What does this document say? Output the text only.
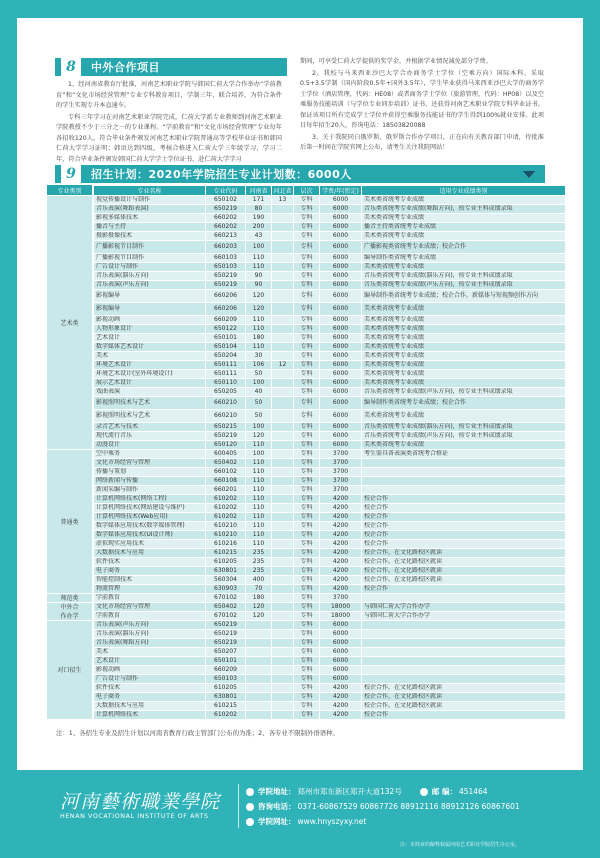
8	中外合作项目

1、经河南省教育厅批准，河南艺术职业学院与韩国仁荷大学合作举办“学前教育”和“文化市场经营管理”专业专科教育项目，学制三年，联合培养，为符合条件的学生实现专升本直通车。

专科三年学习在河南艺术职业学院完成，仁荷大学派专业教师到河南艺术职业学院教授不少于三分之一的专业课程。“学前教育”和“文化市场经营管理”专业每年各招收120人，符合毕业条件颁发河南艺术职业学院普通高等学校毕业证书和韩国仁荷大学学习证明；韩语达到四级，考核合格进入仁荷大学三年级学习，学习二年，符合毕业条件颁发韩国仁荷大学学士学位证书，赴仁荷大学学习

期间，可享受仁荷大学提供的奖学金，并根据学业情况减免部分学费。

2、我校与马来西亚沙巴大学合办商务学士学位（空乘方向）国际本科，采取0.5+3.5学制（国内阶段0.5年+国外3.5年），学生毕业获得马来西亚沙巴大学的商务学士学位（酒店管理，代码：HE08）或者商务学士学位（旅游管理，代码：HP08）以及空乘服务技能培训（与学位专业同步培训）证书，还获得河南艺术职业学院专科毕业证书。保证该项目所有完成学士学位并获得空乘服务技能证书的学生得到100%就业安排。此项目每年招生20人，咨询电话：18503820088

3、关于我院同白俄罗斯、俄罗斯合作办学项目，正在向有关教育部门申请，待批准后第一时间在学院官网上公布，请考生关注我院网站！

9	招生计划：2020年学院招生专业计划数：6000人
专业类别
艺术类
普通类
师范类
中外合
作办学
对口招生
专业名称	专业代码	河南省	河北省	层次	学费/年(暂定)	适用专业成绩类别
视觉传播设计与制作	650102	171	13	专科	6000	美术类省统考专业成绩
音乐表演(舞蹈表演)	650219	80		专科	6000	音乐类省统考专业成绩(舞蹈方向)，按专业主科成绩录取
影视多媒体技术	660202	190		专科	6000	美术类省统考专业成绩
播音与主持	660202	200		专科	6000	播音主持类省统考专业成绩
摄影摄像技术	660213	43		专科	6000	美术类省统考专业成绩
广播影视节目制作	660203	100		专科	6000	广播影视类省统考专业成绩；校企合作
广播影视节目制作	660103	110		专科	6000	编导制作类省统考专业成绩
广告设计与制作	650103	110		专科	6000	美术类省统考专业成绩
音乐表演(器乐方向)	650219	90		专科	6000	音乐类省统考专业成绩(器乐方向)，按专业主科成绩录取
音乐表演(声乐方向)	650219	90		专科	6000	音乐类省统考专业成绩(声乐方向)，按专业主科成绩录取
影视编导	660206	120		专科	6000	编导制作类省统考专业成绩；校企合作，新媒体与短视频创作方向
影视编导	660206	120		专科	6000	美术类省统考专业成绩
影视动画	660209	110		专科	6000	美术类省统考专业成绩
人物形象设计	650122	110		专科	6000	美术类省统考专业成绩
艺术设计	650101	180		专科	6000	美术类省统考专业成绩
数字媒体艺术设计	650104	110		专科	6000	美术类省统考专业成绩
美术	650204	30		专科	6000	美术类省统考专业成绩
环境艺术设计	650111	106	12	专科	6000	美术类省统考专业成绩
环境艺术设计(室外环境设计)	650111	50		专科	6000	美术类省统考专业成绩
展示艺术设计	650110	100		专科	6000	美术类省统考专业成绩
戏曲表演	650205	40		专科	6000	音乐类省统考专业成绩(声乐方向)，按专业主科成绩录取
影视照明技术与艺术	660210	50		专科	6000	编导制作类省统考专业成绩；校企合作
影视照明技术与艺术	660210	50		专科	6000	美术类省统考专业成绩
录音艺术与技术	650215	100		专科	6000	音乐类省统考专业成绩(器乐方向)，按专业主科成绩录取
现代流行音乐	650219	120		专科	6000	音乐类省统考专业成绩(声乐方向)，按专业主科成绩录取
动漫设计	650120	110		专科	6000	美术类省统考专业成绩
空中乘务	600405	100		专科	3700	考生需具备表演类省统考合格证
文化市场经营与管理	650402	110		专科	3700	
传播与策划	660102	110		专科	3700	
网络新闻与传播	660108	110		专科	3700	
新闻采编与制作	660201	110		专科	3700	
计算机网络技术(网络工程)	610202	110		专科	4200	校企合作
计算机网络技术(网站建设与维护)	610202	110		专科	4200	校企合作
计算机网络技术(Web应用)	610202	110		专科	4200	校企合作
数字媒体应用技术(数字媒体管理)	610210	110		专科	4200	校企合作
数字媒体应用技术(UI设计师)	610210	110		专科	4200	校企合作
虚拟现实应用技术	610216	110		专科	4200	校企合作
大数据技术与应用	610215	235		专科	4200	校企合作，在文化路校区就读
软件技术	610205	235		专科	4200	校企合作，在文化路校区就读
电子商务	630801	235		专科	4200	校企合作，在文化路校区就读
智能控制技术	560304	400		专科	4200	校企合作，在文化路校区就读
物流管理	630903	70		专科	4200	校企合作
学前教育	670102	180		专科	3700	
文化市场经营与管理	650402	120		专科	18000	与韩国仁荷大学合作办学
学前教育	670102	120		专科	18000	与韩国仁荷大学合作办学
音乐表演(声乐方向)	650219			专科	6000	
音乐表演(器乐方向)	650219			专科	6000	
音乐表演(舞蹈方向)	650219			专科	6000	
美术	650207			专科	6000	
艺术设计	650101			专科	6000	
影视动画	660209			专科	6000	
广告设计与制作	650103			专科	6000	
软件技术	610205			专科	4200	校企合作，在文化路校区就读
电子商务	630801			专科	4200	校企合作，在文化路校区就读
大数据技术与应用	610215			专科	4200	校企合作，在文化路校区就读
计算机网络技术	610202			专科	4200	校企合作
注：1、各招生专业及招生计划以河南省教育行政主管部门公布的为准；2、各专业不限制外语语种。
河南藝術職業學院
HENAN VOCATIONAL INSTITUTE OF ARTS
学院地址： 郑州市郑东新区郑开大道132号	邮 编： 451464
咨询电话： 0371-60867529 60867726 88912116 88912126 60867601
学院网址： www.hnyszyxy.net
注：本简章的解释权属河南艺术职业学院招生办公室。
